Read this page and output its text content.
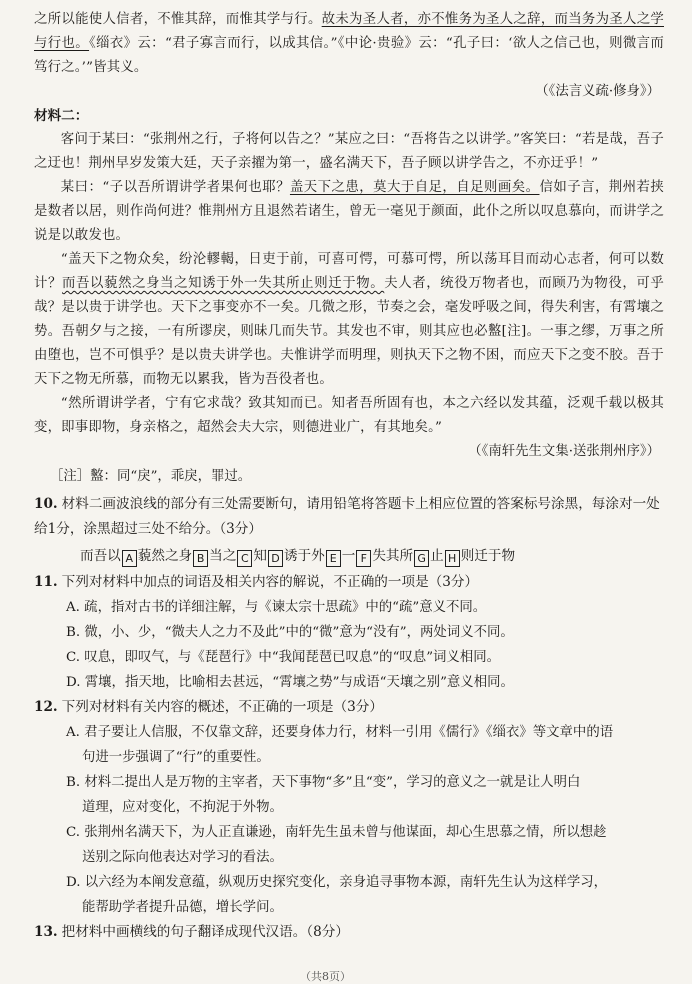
之所以能使人信者，不惟其辞，而惟其学与行。故未为圣人者，亦不惟务为圣人之辞，而当务为圣人之学与行也。《缁衣》云：“君子寡言而行，以成其信。”《中论·贵验》云：“孔子曰：‘欲人之信己也，则微言而笃行之。’”皆其义。

（《法言义疏·修身》）

材料二：

客问于某曰：“张荆州之行，子将何以告之？”某应之曰：“吾将告之以讲学。”客笑曰：“若是哉，吾子之迂也！荆州早岁发策大廷，天子亲擢为第一，盛名满天下，吾子顾以讲学告之，不亦迂乎！”

某曰：“子以吾所谓讲学者果何也耶？盖天下之患，莫大于自足，自足则画矣。信如子言，荆州若挟是数者以居，则作尚何进？惟荆州方且退然若诸生，曾无一毫见于颜面，此仆之所以叹息慕向，而讲学之说是以敢发也。

“盖天下之物众矣，纷沦轇輵，日吏于前，可喜可愕，可慕可愕，所以荡耳目而动心志者，何可以数计？而吾以藐然之身当之知诱于外一失其所止则迁于物。夫人者，统役万物者也，而顾乃为物役，可乎哉？是以贵于讲学也。天下之事变亦不一矣。几微之形，节奏之会，毫发呼吸之间，得失利害，有霄壤之势。吾朝夕与之接，一有所谬戾，则昧几而失节。其发也不审，则其应也必盭[注]。一事之缪，万事之所由堕也，岂不可惧乎？是以贵夫讲学也。夫惟讲学而明理，则执天下之物不困，而应天下之变不胶。吾于天下之物无所慕，而物无以累我，皆为吾役者也。

“然所谓讲学者，宁有它求哉？致其知而已。知者吾所固有也，本之六经以发其蕴，泛观千载以极其变，即事即物，身亲格之，超然会夫大宗，则德进业广，有其地矣。”

（《南轩先生文集·送张荆州序》）

［注］盭：同“戾”，乖戾，罪过。

10. 材料二画波浪线的部分有三处需要断句，请用铅笔将答题卡上相应位置的答案标号涂黑，每涂对一处给1分，涂黑超过三处不给分。（3分）

而吾以 A 藐然之身 B 当之 C 知 D 诱于外 E 一 F 失其所 G 止 H 则迁于物

11. 下列对材料中加点的词语及相关内容的解说，不正确的一项是（3分）

A. 疏，指对古书的详细注解，与《谏太宗十思疏》中的“疏”意义不同。

B. 微，小、少，“微夫人之力不及此”中的“微”意为“没有”，两处词义不同。

C. 叹息，即叹气，与《琵琶行》中“我闻琵琶已叹息”的“叹息”词义相同。

D. 霄壤，指天地，比喻相去甚远，“霄壤之势”与成语“天壤之别”意义相同。

12. 下列对材料有关内容的概述，不正确的一项是（3分）

A. 君子要让人信服，不仅靠文辞，还要身体力行，材料一引用《儒行》《缁衣》等文章中的语
句进一步强调了“行”的重要性。

B. 材料二提出人是万物的主宰者，天下事物“多”且“变”，学习的意义之一就是让人明白
道理，应对变化，不拘泥于外物。

C. 张荆州名满天下，为人正直谦逊，南轩先生虽未曾与他谋面，却心生思慕之情，所以想趁
送别之际向他表达对学习的看法。

D. 以六经为本阐发意蕴，纵观历史探究变化，亲身追寻事物本源，南轩先生认为这样学习，
能帮助学者提升品德，增长学问。

13. 把材料中画横线的句子翻译成现代汉语。（8分）

（共8页）
